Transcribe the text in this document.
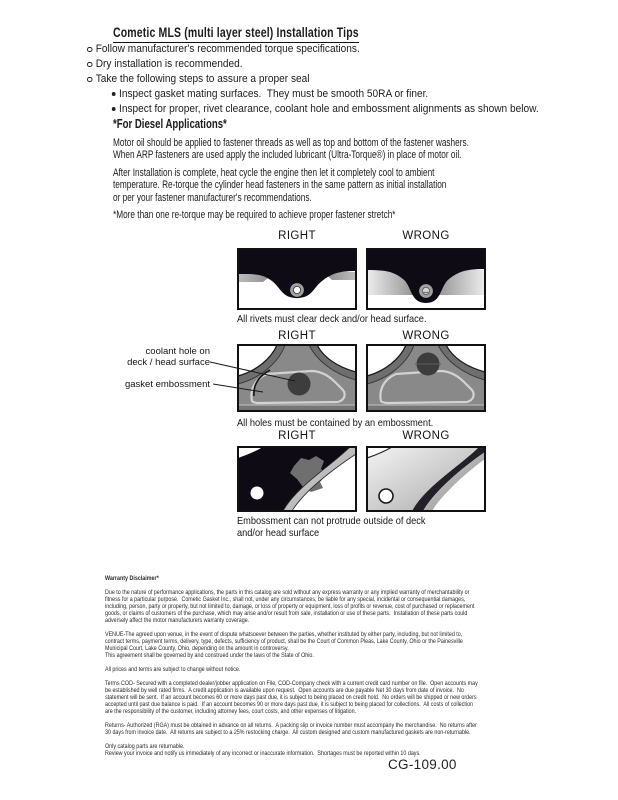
Cometic MLS (multi layer steel) Installation Tips
Follow manufacturer's recommended torque specifications.
Dry installation is recommended.
Take the following steps to assure a proper seal
Inspect gasket mating surfaces.  They must be smooth 50RA or finer.
Inspect for proper, rivet clearance, coolant hole and embossment alignments as shown below.
*For Diesel Applications*

Motor oil should be applied to fastener threads as well as top and bottom of the fastener washers.
When ARP fasteners are used apply the included lubricant (Ultra-Torque®) in place of motor oil.

After Installation is complete, heat cycle the engine then let it completely cool to ambient
temperature. Re-torque the cylinder head fasteners in the same pattern as initial installation
or per your fastener manufacturer's recommendations.

*More than one re-torque may be required to achieve proper fastener stretch*

RIGHT	WRONG
All rivets must clear deck and/or head surface.
RIGHT	WRONG
coolant hole on
deck / head surface
gasket embossment
All holes must be contained by an embossment.
RIGHT	WRONG
Embossment can not protrude outside of deck
and/or head surface
Warranty Disclaimer*
Due to the nature of performance applications, the parts in this catalog are sold without any express warranty or any implied warranty of merchantability or
fitness for a particular purpose.  Cometic Gasket Inc., shall not, under any circumstances, be liable for any special, incidental or consequential damages,
including, person, party or property, but not limited to, damage, or loss of property or equipment, loss of profits or revenue, cost of purchased or replacement
goods, or claims of customers of the purchase, which may arise and/or result from sale, installation or use of these parts.  Installation of these parts could
adversely affect the motor manufacturers warranty coverage.
VENUE-The agreed upon venue, in the event of dispute whatsoever between the parties, whether instituted by either party, including, but not limited to,
contract terms, payment terms, delivery, type, defects, sufficiency of product, shall be the Court of Common Pleas, Lake County, Ohio or the Painesville
Municipal Court, Lake County, Ohio, depending on the amount in controversy.
This agreement shall be governed by and construed under the laws of the State of Ohio.
All prices and terms are subject to change without notice.
Terms COD- Secured with a completed dealer/jobber application on File, COD-Company check with a current credit card number on file.  Open accounts may
be established by well rated firms.  A credit application is available upon request.  Open accounts are due payable Net 30 days from date of invoice.  No
statement will be sent.  If an account becomes 60 or more days past due, it is subject to being placed on credit hold.  No orders will be shipped or new orders
accepted until past due balance is paid.  If an account becomes 90 or more days past due, it is subject to being placed for collections.  All costs of collection
are the responsibility of the customer, including attorney fees, court costs, and other expenses of litigation.
Returns- Authorized (RGA) must be obtained in advance on all returns.  A packing slip or invoice number must accompany the merchandise.  No returns after
30 days from invoice date.  All returns are subject to a 25% restocking charge.  All custom designed and custom manufactured gaskets are non-returnable.
Only catalog parts are returnable.
Review your invoice and notify us immediately of any incorrect or inaccurate information.  Shortages must be reported within 10 days.
CG-109.00
